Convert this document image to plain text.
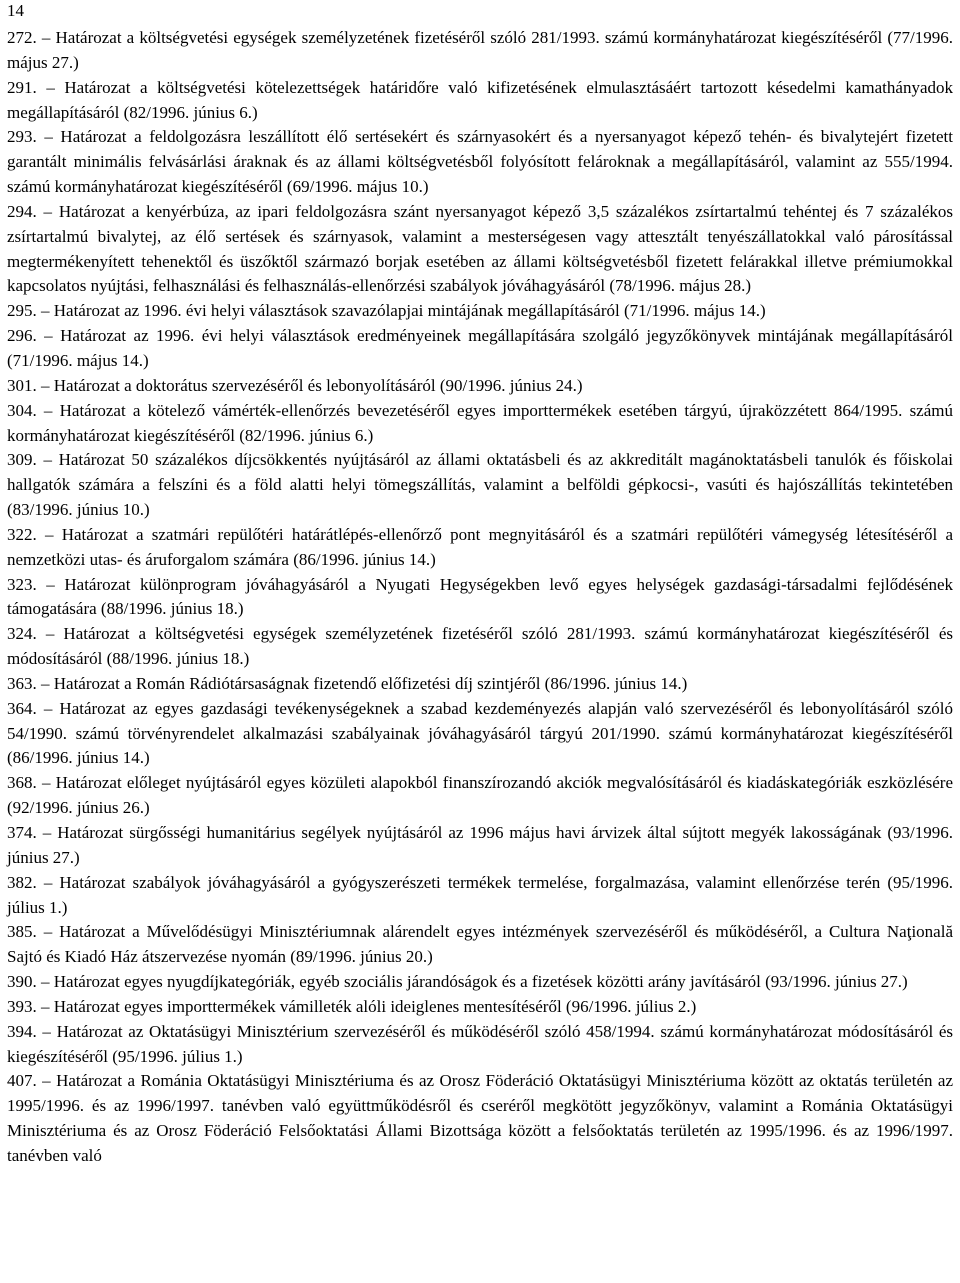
14

272. – Határozat a költségvetési egységek személyzetének fizetéséről szóló 281/1993. számú kormányhatározat kiegészítéséről (77/1996. május 27.)

291. – Határozat a költségvetési kötelezettségek határidőre való kifizetésének elmulasztásáért tartozott késedelmi kamathányadok megállapításáról (82/1996. június 6.)

293. – Határozat a feldolgozásra leszállított élő sertésekért és szárnyasokért és a nyersanyagot képező tehén- és bivalytejért fizetett garantált minimális felvásárlási áraknak és az állami költségvetésből folyósított felároknak a megállapításáról, valamint az 555/1994. számú kormányhatározat kiegészítéséről (69/1996. május 10.)

294. – Határozat a kenyérbúza, az ipari feldolgozásra szánt nyersanyagot képező 3,5 százalékos zsírtartalmú tehéntej és 7 százalékos zsírtartalmú bivalytej, az élő sertések és szárnyasok, valamint a mesterségesen vagy attesztált tenyészállatokkal való párosítással megtermékenyített tehenektől és üszőktől származó borjak esetében az állami költségvetésből fizetett felárakkal illetve prémiumokkal kapcsolatos nyújtási, felhasználási és felhasználás-ellenőrzési szabályok jóváhagyásáról (78/1996. május 28.)

295. – Határozat az 1996. évi helyi választások szavazólapjai mintájának megállapításáról (71/1996. május 14.)

296. – Határozat az 1996. évi helyi választások eredményeinek megállapítására szolgáló jegyzőkönyvek mintájának megállapításáról (71/1996. május 14.)

301. – Határozat a doktorátus szervezéséről és lebonyolításáról (90/1996. június 24.)

304. – Határozat a kötelező vámérték-ellenőrzés bevezetéséről egyes importtermékek esetében tárgyú, újraközzétett 864/1995. számú kormányhatározat kiegészítéséről (82/1996. június 6.)

309. – Határozat 50 százalékos díjcsökkentés nyújtásáról az állami oktatásbeli és az akkreditált magánoktatásbeli tanulók és főiskolai hallgatók számára a felszíni és a föld alatti helyi tömegszállítás, valamint a belföldi gépkocsi-, vasúti és hajószállítás tekintetében (83/1996. június 10.)

322. – Határozat a szatmári repülőtéri határátlépés-ellenőrző pont megnyitásáról és a szatmári repülőtéri vámegység létesítéséről a nemzetközi utas- és áruforgalom számára (86/1996. június 14.)

323. – Határozat különprogram jóváhagyásáról a Nyugati Hegységekben levő egyes helységek gazdasági-társadalmi fejlődésének támogatására (88/1996. június 18.)

324. – Határozat a költségvetési egységek személyzetének fizetéséről szóló 281/1993. számú kormányhatározat kiegészítéséről és módosításáról (88/1996. június 18.)

363. – Határozat a Román Rádiótársaságnak fizetendő előfizetési díj szintjéről (86/1996. június 14.)

364. – Határozat az egyes gazdasági tevékenységeknek a szabad kezdeményezés alapján való szervezéséről és lebonyolításáról szóló 54/1990. számú törvényrendelet alkalmazási szabályainak jóváhagyásáról tárgyú 201/1990. számú kormányhatározat kiegészítéséről (86/1996. június 14.)

368. – Határozat előleget nyújtásáról egyes közületi alapokból finanszírozandó akciók megvalósításáról és kiadáskategóriák eszközlésére (92/1996. június 26.)

374. – Határozat sürgősségi humanitárius segélyek nyújtásáról az 1996 május havi árvizek által sújtott megyék lakosságának (93/1996. június 27.)

382. – Határozat szabályok jóváhagyásáról a gyógyszerészeti termékek termelése, forgalmazása, valamint ellenőrzése terén (95/1996. július 1.)

385. – Határozat a Művelődésügyi Minisztériumnak alárendelt egyes intézmények szervezéséről és működéséről, a Cultura Naţională Sajtó és Kiadó Ház átszervezése nyomán (89/1996. június 20.)

390. – Határozat egyes nyugdíjkategóriák, egyéb szociális járandóságok és a fizetések közötti arány javításáról (93/1996. június 27.)

393. – Határozat egyes importtermékek vámilleték alóli ideiglenes mentesítéséről (96/1996. július 2.)

394. – Határozat az Oktatásügyi Minisztérium szervezéséről és működéséről szóló 458/1994. számú kormányhatározat módosításáról és kiegészítéséről (95/1996. július 1.)

407. – Határozat a Románia Oktatásügyi Minisztériuma és az Orosz Föderáció Oktatásügyi Minisztériuma között az oktatás területén az 1995/1996. és az 1996/1997. tanévben való együttműködésről és cseréről megkötött jegyzőkönyv, valamint a Románia Oktatásügyi Minisztériuma és az Orosz Föderáció Felsőoktatási Állami Bizottsága között a felsőoktatás területén az 1995/1996. és az 1996/1997. tanévben való
